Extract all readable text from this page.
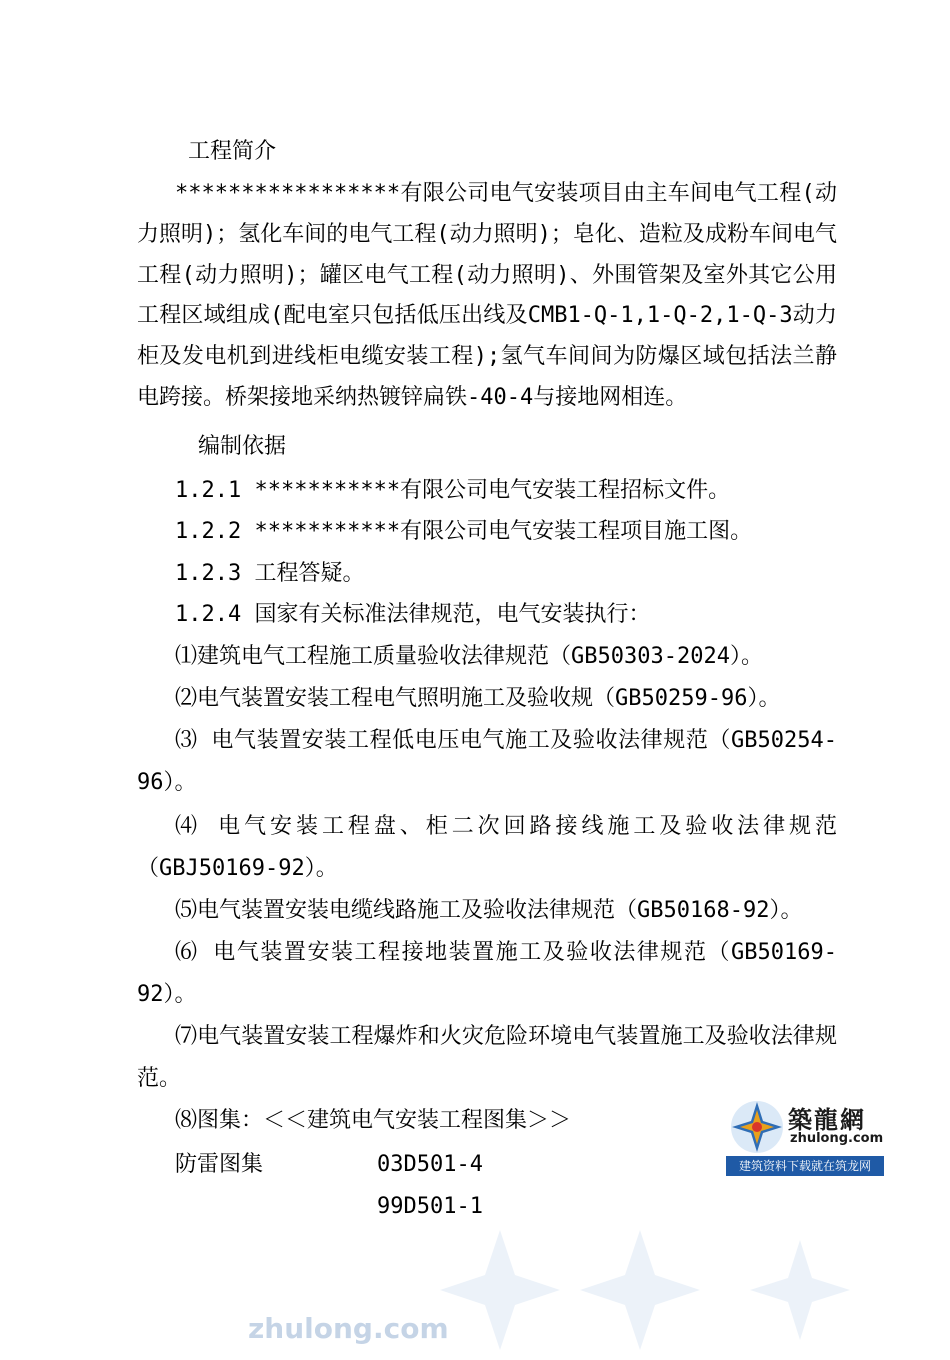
工程简介
*****************有限公司电气安装项目由主车间电气工程(动力照明)；氢化车间的电气工程(动力照明)；皂化、造粒及成粉车间电气工程(动力照明)；罐区电气工程(动力照明)、外围管架及室外其它公用工程区域组成(配电室只包括低压出线及CMB1-Q-1,1-Q-2,1-Q-3动力柜及发电机到进线柜电缆安装工程);氢气车间间为防爆区域包括法兰静电跨接。桥架接地采纳热镀锌扁铁-40-4与接地网相连。
编制依据
1.2.1 ***********有限公司电气安装工程招标文件。
1.2.2 ***********有限公司电气安装工程项目施工图。
1.2.3 工程答疑。
1.2.4 国家有关标准法律规范，电气安装执行：
⑴建筑电气工程施工质量验收法律规范（GB50303-2024）。
⑵电气装置安装工程电气照明施工及验收规（GB50259-96）。
⑶ 电气装置安装工程低电压电气施工及验收法律规范（GB50254-96）。
⑷ 电气安装工程盘、柜二次回路接线施工及验收法律规范（GBJ50169-92）。
⑸电气装置安装电缆线路施工及验收法律规范（GB50168-92）。
⑹ 电气装置安装工程接地装置施工及验收法律规范（GB50169-92）。
⑺电气装置安装工程爆炸和火灾危险环境电气装置施工及验收法律规范。
⑻图集：＜＜建筑电气安装工程图集＞＞
防雷图集	03D501-4
99D501-1
築龍網
zhulong.com
建筑资料下载就在筑龙网
zhulong.com
